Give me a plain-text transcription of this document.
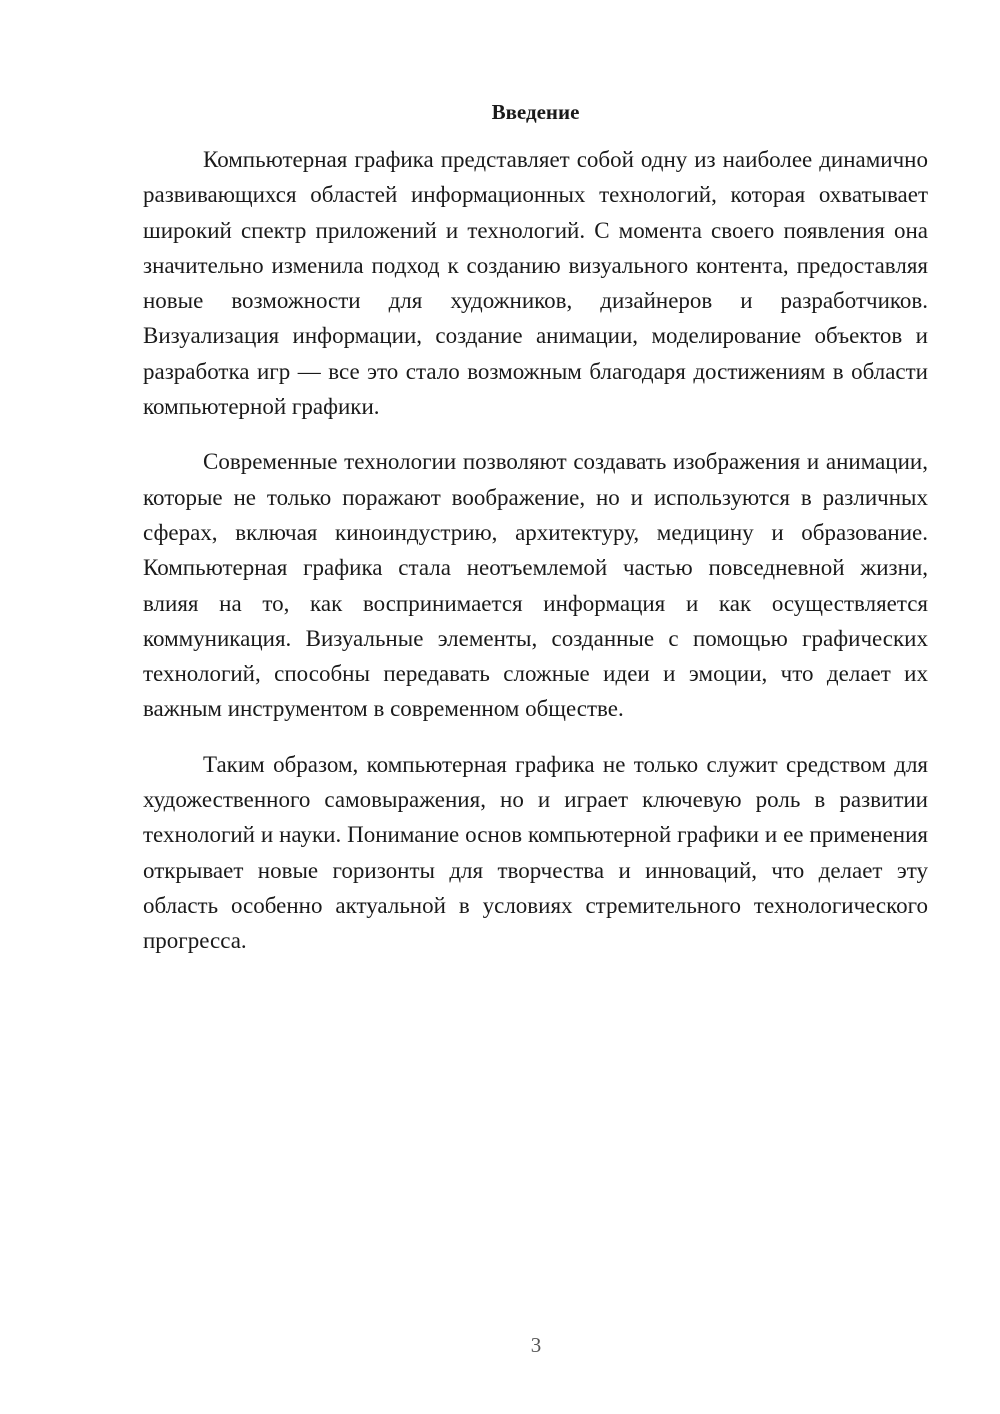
Введение

Компьютерная графика представляет собой одну из наиболее динамично развивающихся областей информационных технологий, которая охватывает широкий спектр приложений и технологий. С момента своего появления она значительно изменила подход к созданию визуального контента, предоставляя новые возможности для художников, дизайнеров и разработчиков. Визуализация информации, создание анимации, моделирование объектов и разработка игр — все это стало возможным благодаря достижениям в области компьютерной графики.

Современные технологии позволяют создавать изображения и анимации, которые не только поражают воображение, но и используются в различных сферах, включая киноиндустрию, архитектуру, медицину и образование. Компьютерная графика стала неотъемлемой частью повседневной жизни, влияя на то, как воспринимается информация и как осуществляется коммуникация. Визуальные элементы, созданные с помощью графических технологий, способны передавать сложные идеи и эмоции, что делает их важным инструментом в современном обществе.

Таким образом, компьютерная графика не только служит средством для художественного самовыражения, но и играет ключевую роль в развитии технологий и науки. Понимание основ компьютерной графики и ее применения открывает новые горизонты для творчества и инноваций, что делает эту область особенно актуальной в условиях стремительного технологического прогресса.

3
